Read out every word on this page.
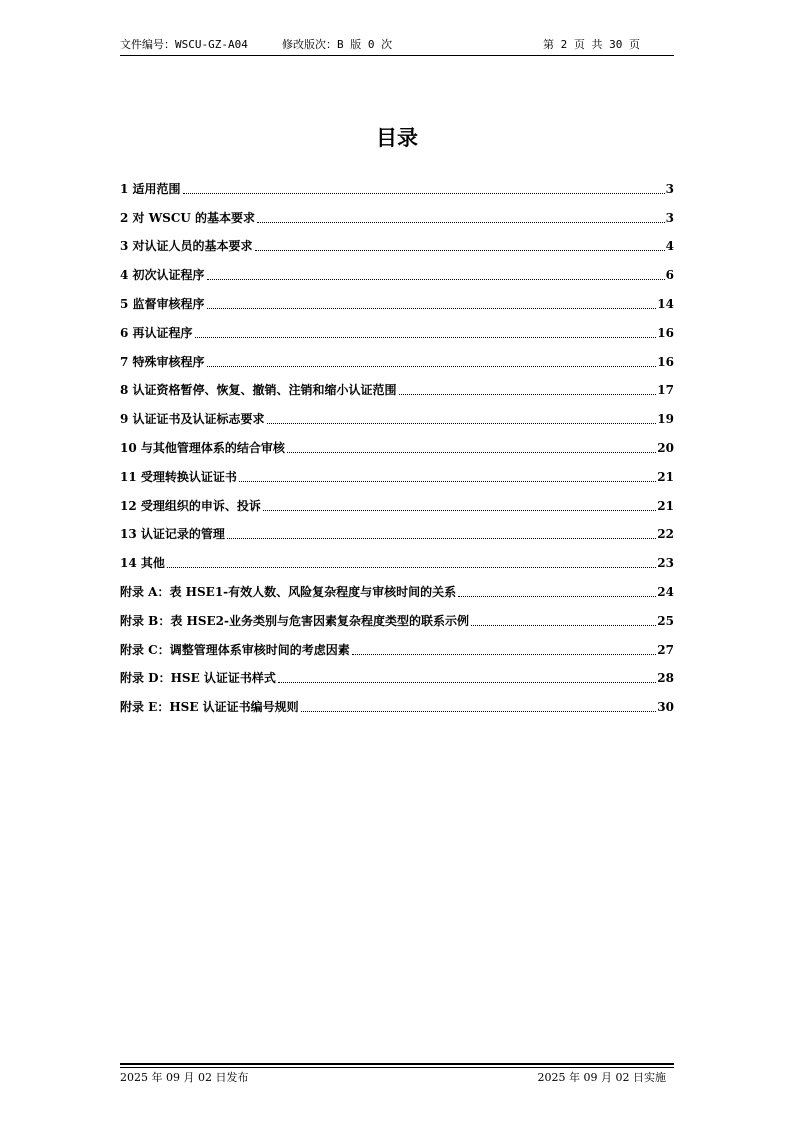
文件编号：WSCU-GZ-A04	修改版次：B 版 0 次	第 2 页 共 30 页
目录
1 适用范围	3
2 对 WSCU 的基本要求	3
3 对认证人员的基本要求	4
4 初次认证程序	6
5 监督审核程序	14
6 再认证程序	16
7 特殊审核程序	16
8 认证资格暂停、恢复、撤销、注销和缩小认证范围	17
9 认证证书及认证标志要求	19
10 与其他管理体系的结合审核	20
11 受理转换认证证书	21
12 受理组织的申诉、投诉	21
13 认证记录的管理	22
14 其他	23
附录 A：表 HSE1-有效人数、风险复杂程度与审核时间的关系	24
附录 B：表 HSE2-业务类别与危害因素复杂程度类型的联系示例	25
附录 C：调整管理体系审核时间的考虑因素	27
附录 D：HSE 认证证书样式	28
附录 E：HSE 认证证书编号规则	30
2025 年 09 月 02 日发布	2025 年 09 月 02 日实施
